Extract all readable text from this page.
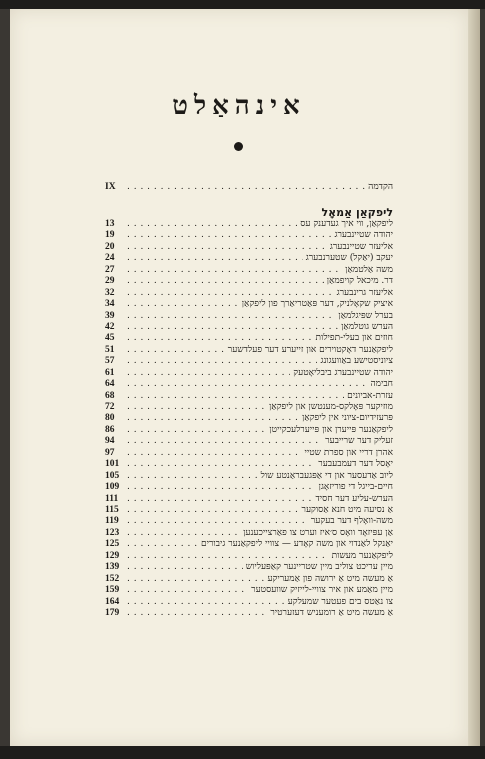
אינהאַלט
IX	הקדמה . . .
ליפקאַן אַמאָל
13	ליפקאַן, ווי איך געדענק עס . . .
19	יהודה שטיינבערג . . .
20	אליעזר שטיינבערג . . .
24	יעקב (יאַקל) שטערנבערג . . .
27	משה אַלטמאַן . . .
29	דר. מיכאל קויפמאַן . . .
32	אליעזר גרינבערג . . .
34	איציק שקאָלניק, דער פּאַטריאַרך פון ליפקאַן . . .
39	בערל שפּיגלמאַן . . .
42	הערש גוטלמאַן . . .
45	חוזים און בעלי-תפילות . . .
51	ליפקאַנער דאָקטוירים און זייערע דער פעלדשער . . .
57	ציוניסטישע באַוועגונג . . .
61	יהודה שטיינבערג ביבליאָטעק . . .
64	חבימה . . .
68	עזרת-אביונים . . .
72	מוזיקער פּאָלקס-מענטשן און ליפקאַן . . .
80	פּרעזידיום-ציוני אין ליפקאַן . . .
86	ליפקאַנער פּייערן און פּייערלעכקייטן . . .
94	זעליק דער שרייבער . . .
97	אהרן דריי און ספרת שטיי . . .
101	יאָסל דער דעמבעבער . . .
105	ליוב אַדעסער און די אַפּגעבראַנטע שול . . .
109	חיים-בייגל די פוריזאָגן . . .
111	הערש-עליע דער חסיד . . .
115	אַ נסיעה מיט חנא אַסוקער . . .
119	משה-וואָלף דער בעקער . . .
123	אַן עפּיזאָד וואָס ס׳איז וערט צו פאַרצייכענען . . .
125	יאַנקל לאַנדוי און משה קאָדע — צוויי ליפקאַנער גיבורים . . .
129	ליפקאַנער מעשות . . .
139	מיין עריכט צוליב מיין שטריינער קאַפּעליוש . . .
152	אַ מעשה מיט אַ ירושה פון אַמעריקע . . .
159	מיין מאַמע און איר צוויי-לייזיק שוועסטער . . .
164	צו נאַטס בים פעטער שמעלקע . . .
179	אַ מעשה מיט אַ רומעניש דעזערטיר . . .
